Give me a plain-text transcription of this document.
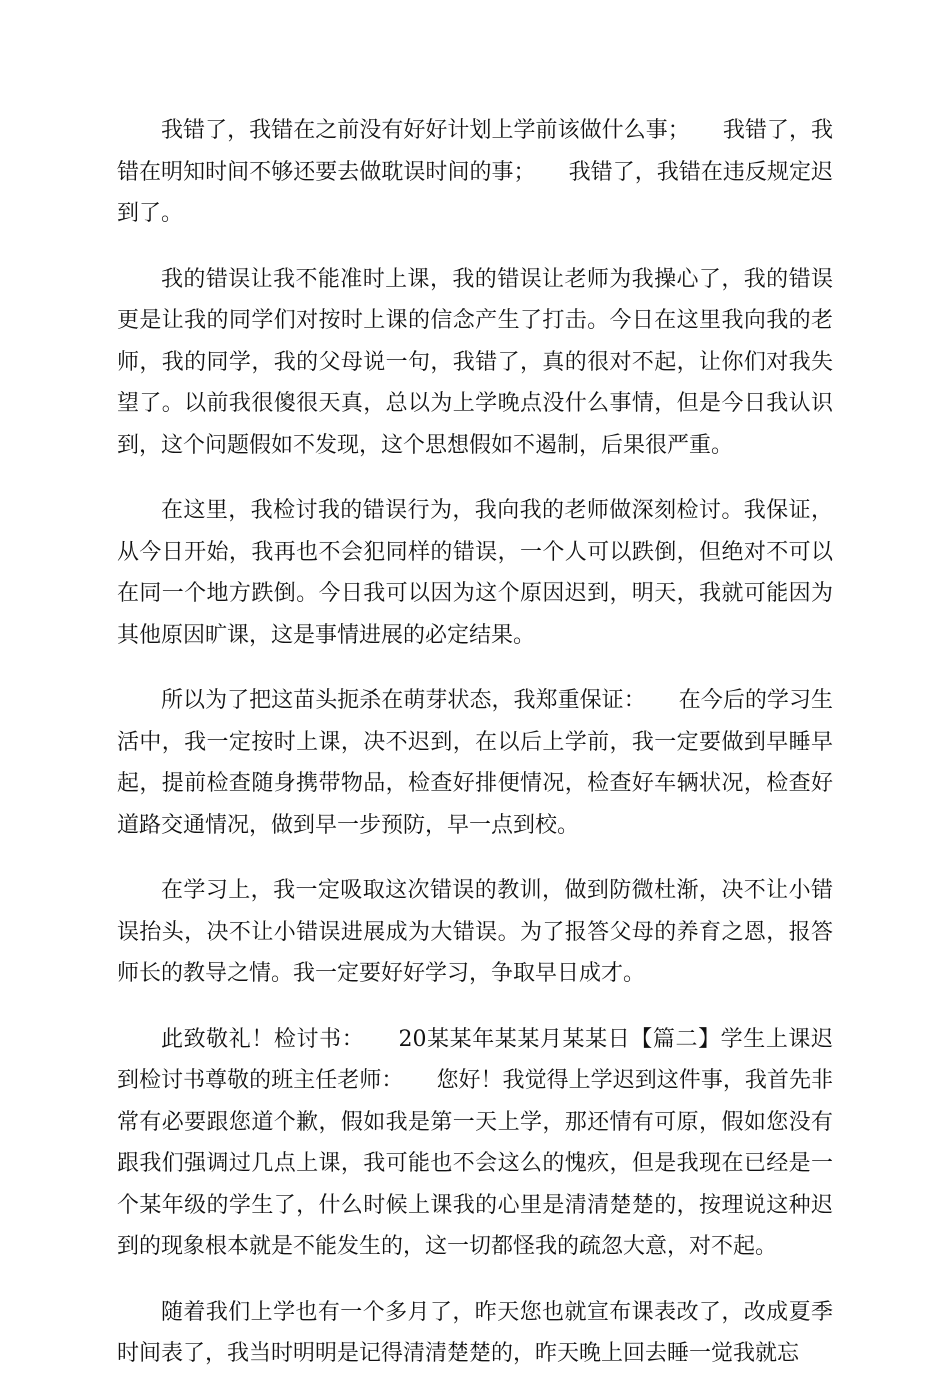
我错了，我错在之前没有好好计划上学前该做什么事；　　我错了，我错在明知时间不够还要去做耽误时间的事；　　我错了，我错在违反规定迟到了。

我的错误让我不能准时上课，我的错误让老师为我操心了，我的错误更是让我的同学们对按时上课的信念产生了打击。今日在这里我向我的老师，我的同学，我的父母说一句，我错了，真的很对不起，让你们对我失望了。以前我很傻很天真，总以为上学晚点没什么事情，但是今日我认识到，这个问题假如不发现，这个思想假如不遏制，后果很严重。

在这里，我检讨我的错误行为，我向我的老师做深刻检讨。我保证，从今日开始，我再也不会犯同样的错误，一个人可以跌倒，但绝对不可以在同一个地方跌倒。今日我可以因为这个原因迟到，明天，我就可能因为其他原因旷课，这是事情进展的必定结果。

所以为了把这苗头扼杀在萌芽状态，我郑重保证：　　在今后的学习生活中，我一定按时上课，决不迟到，在以后上学前，我一定要做到早睡早起，提前检查随身携带物品，检查好排便情况，检查好车辆状况，检查好道路交通情况，做到早一步预防，早一点到校。

在学习上，我一定吸取这次错误的教训，做到防微杜渐，决不让小错误抬头，决不让小错误进展成为大错误。为了报答父母的养育之恩，报答师长的教导之情。我一定要好好学习，争取早日成才。

此致敬礼！检讨书：　　20某某年某某月某某日【篇二】学生上课迟到检讨书尊敬的班主任老师：　　您好！我觉得上学迟到这件事，我首先非常有必要跟您道个歉，假如我是第一天上学，那还情有可原，假如您没有跟我们强调过几点上课，我可能也不会这么的愧疚，但是我现在已经是一个某年级的学生了，什么时候上课我的心里是清清楚楚的，按理说这种迟到的现象根本就是不能发生的，这一切都怪我的疏忽大意，对不起。

随着我们上学也有一个多月了，昨天您也就宣布课表改了，改成夏季时间表了，我当时明明是记得清清楚楚的，昨天晚上回去睡一觉我就忘
